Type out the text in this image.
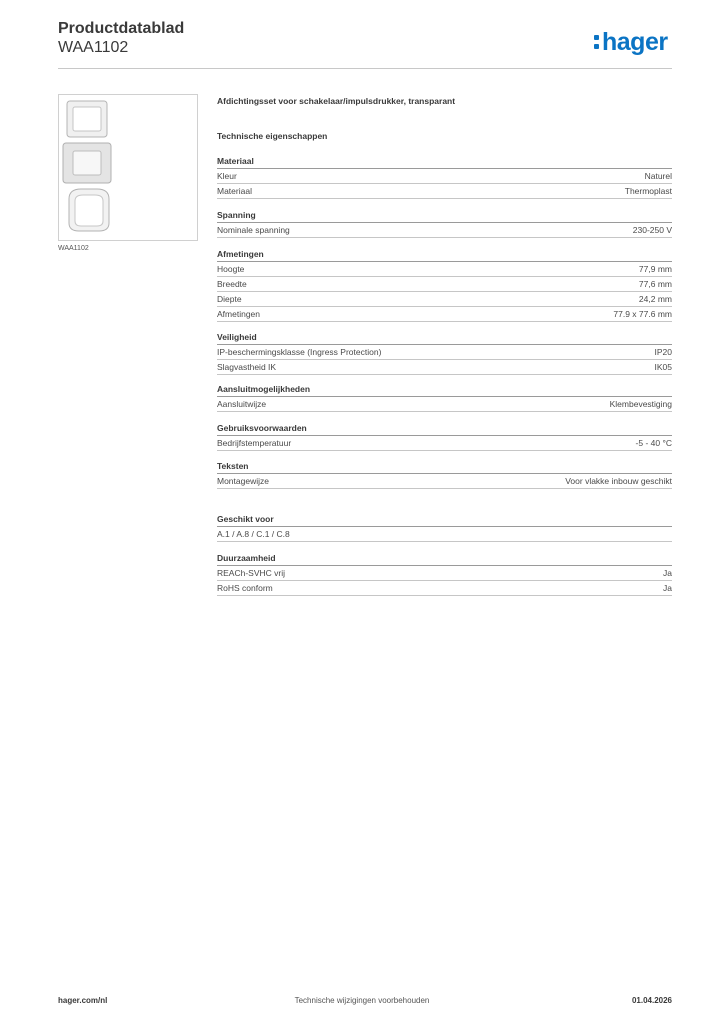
Productdatablad
WAA1102	hager
WAA1102

Afdichtingsset voor schakelaar/impulsdrukker, transparant

Technische eigenschappen

Materiaal
Kleur	Naturel
Materiaal	Thermoplast
Spanning
Nominale spanning	230-250 V
Afmetingen
Hoogte	77,9 mm
Breedte	77,6 mm
Diepte	24,2 mm
Afmetingen	77.9 x 77.6 mm
Veiligheid
IP-beschermingsklasse (Ingress Protection)	IP20
Slagvastheid IK	IK05
Aansluitmogelijkheden
Aansluitwijze	Klembevestiging
Gebruiksvoorwaarden
Bedrijfstemperatuur	-5 - 40 °C
Teksten
Montagewijze	Voor vlakke inbouw geschikt
Geschikt voor
A.1 / A.8 / C.1 / C.8
Duurzaamheid
REACh-SVHC vrij	Ja
RoHS conform	Ja
hager.com/nl	Technische wijzigingen voorbehouden	01.04.2026
